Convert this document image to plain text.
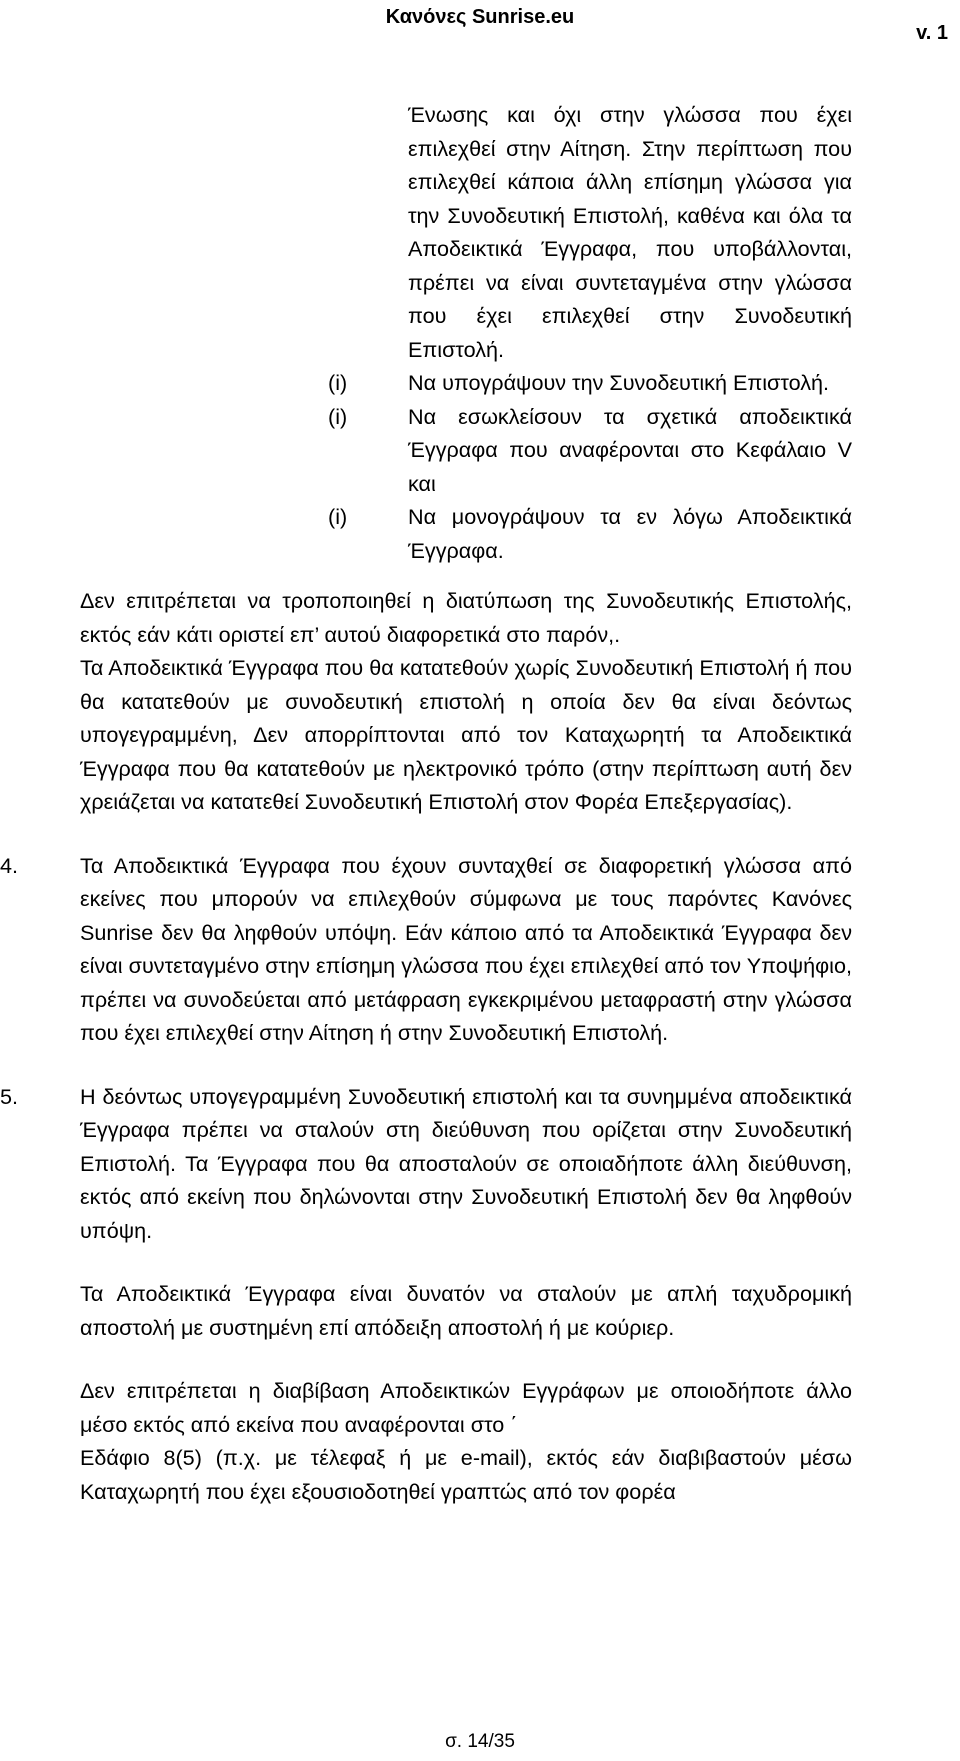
Κανόνες Sunrise.eu
v. 1

Ένωσης και όχι στην γλώσσα που έχει επιλεχθεί στην Αίτηση. Στην περίπτωση που επιλεχθεί κάποια άλλη επίσημη γλώσσα για την Συνοδευτική Επιστολή, καθένα και όλα τα Αποδεικτικά Έγγραφα, που υποβάλλονται, πρέπει να είναι συντεταγμένα στην γλώσσα που έχει επιλεχθεί στην Συνοδευτική Επιστολή.

(i)	Να υπογράψουν την Συνοδευτική Επιστολή.

(i)	Να εσωκλείσουν τα σχετικά αποδεικτικά Έγγραφα που αναφέρονται στο Κεφάλαιο V και

(i)	Να μονογράψουν τα εν λόγω Αποδεικτικά Έγγραφα.

Δεν επιτρέπεται να τροποποιηθεί η διατύπωση της Συνοδευτικής Επιστολής, εκτός εάν κάτι οριστεί επ’ αυτού διαφορετικά στο παρόν,.

Τα Αποδεικτικά Έγγραφα που θα κατατεθούν χωρίς Συνοδευτική Επιστολή ή που θα κατατεθούν με συνοδευτική επιστολή η οποία δεν θα είναι δεόντως υπογεγραμμένη, Δεν απορρίπτονται από τον Καταχωρητή τα Αποδεικτικά Έγγραφα που θα κατατεθούν με ηλεκτρονικό τρόπο (στην περίπτωση αυτή δεν χρειάζεται να κατατεθεί Συνοδευτική Επιστολή στον Φορέα Επεξεργασίας).

4.	Τα Αποδεικτικά Έγγραφα που έχουν συνταχθεί σε διαφορετική γλώσσα από εκείνες που μπορούν να επιλεχθούν σύμφωνα με τους παρόντες Κανόνες Sunrise δεν θα ληφθούν υπόψη. Εάν κάποιο από τα Αποδεικτικά Έγγραφα δεν είναι συντεταγμένο στην επίσημη γλώσσα που έχει επιλεχθεί από τον Υποψήφιο, πρέπει να συνοδεύεται από μετάφραση εγκεκριμένου μεταφραστή στην γλώσσα που έχει επιλεχθεί στην Αίτηση ή στην Συνοδευτική Επιστολή.

5.	Η δεόντως υπογεγραμμένη Συνοδευτική επιστολή και τα συνημμένα αποδεικτικά Έγγραφα πρέπει να σταλούν στη διεύθυνση που ορίζεται στην Συνοδευτική Επιστολή. Τα Έγγραφα που θα αποσταλούν σε οποιαδήποτε άλλη διεύθυνση, εκτός από εκείνη που δηλώνονται στην Συνοδευτική Επιστολή δεν θα ληφθούν υπόψη.

Τα Αποδεικτικά Έγγραφα είναι δυνατόν να σταλούν με απλή ταχυδρομική αποστολή με συστημένη επί απόδειξη αποστολή ή με κούριερ.

Δεν επιτρέπεται η διαβίβαση Αποδεικτικών Εγγράφων με οποιοδήποτε άλλο μέσο εκτός από εκείνα που αναφέρονται στο ΄

Εδάφιο 8(5) (π.χ. με τέλεφαξ ή με e-mail), εκτός εάν διαβιβαστούν μέσω Καταχωρητή που έχει εξουσιοδοτηθεί γραπτώς από τον φορέα

σ. 14/35
